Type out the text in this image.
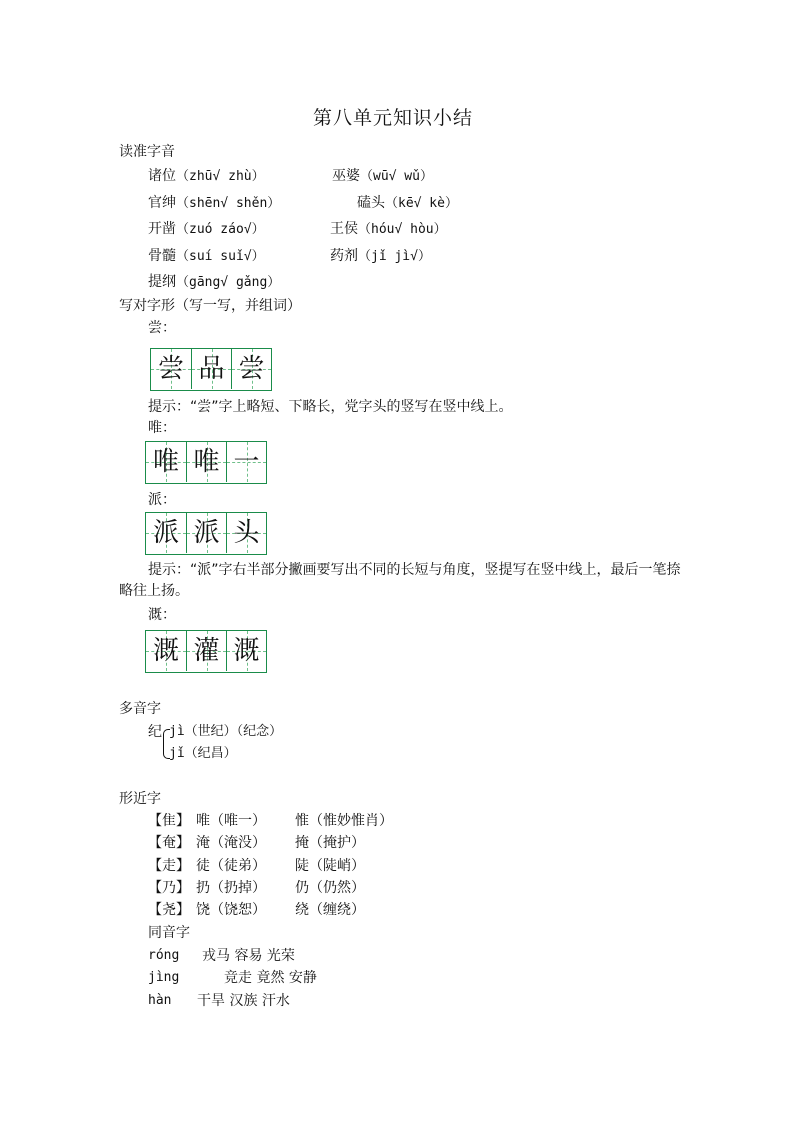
第八单元知识小结
读准字音
诸位（zhū√ zhù）	巫婆（wū√ wǔ）
官绅（shēn√ shěn）	磕头（kē√ kè）
开凿（zuó záo√）	王侯（hóu√ hòu）
骨髓（suí suǐ√）	药剂（jǐ jì√）
提纲（gāng√ gǎng）
写对字形（写一写，并组词）
尝：
尝 品 尝
提示：“尝”字上略短、下略长，党字头的竖写在竖中线上。
唯：
唯 唯 一
派：
派 派 头
提示：“派”字右半部分撇画要写出不同的长短与角度，竖提写在竖中线上，最后一笔捺
略往上扬。
溉：
溉 灌 溉
多音字
纪 jì（世纪）（纪念）
jǐ（纪昌）
形近字
【隹】 唯（唯一） 惟（惟妙惟肖）
【奄】 淹（淹没） 掩（掩护）
【走】 徒（徒弟） 陡（陡峭）
【乃】 扔（扔掉） 仍（仍然）
【尧】 饶（饶恕） 绕（缠绕）
同音字
róng 戎马 容易 光荣
jìng	竞走 竟然 安静
hàn 干旱 汉族 汗水
